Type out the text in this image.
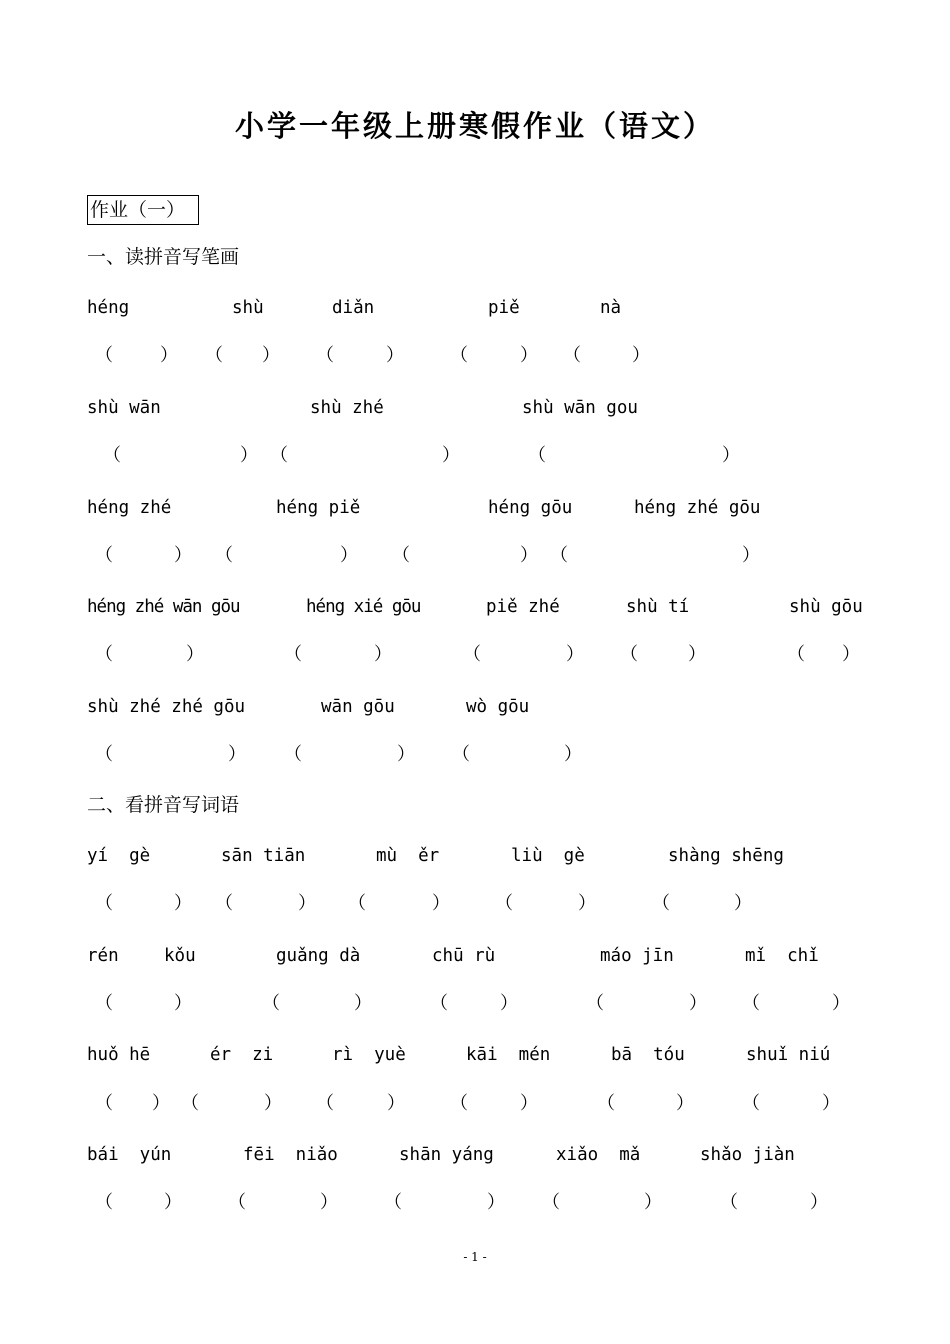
小学一年级上册寒假作业（语文）
作业（一）
一、读拼音写笔画
héng	shù	diǎn	piě	nà
（	） （ ） （	）	（	） （	）
shù wān	shù zhé	shù wān gou
（	） （	）	（	）
héng zhé	héng piě	héng gōu	héng zhé gōu
（	） （	） （	） （	）
héng zhé wān gōu	héng xié gōu	piě zhé	shù tí	shù gōu
（	）	（	）	（	） （	）	（ ）
shù zhé zhé gōu	wān gōu	wò gōu
（	） （	） （	）
二、看拼音写词语
yí  gè	sān tiān	mù  ěr	liù  gè	shàng shēng
（	） （	） （	）	（	）	（	）
rén	kǒu	guǎng dà	chū rù	máo jīn	mǐ  chǐ
（	）	（	）	（	）	（	） （	）
huǒ hē	ér  zi	rì  yuè	kāi  mén	bā  tóu	shuǐ niú
（ ） （	） （	）	（	）	（	）	（	）
bái  yún	fēi  niǎo	shān yáng	xiǎo  mǎ	shǎo jiàn
（	）	（	）	（	） （	）	（	）
- 1 -
